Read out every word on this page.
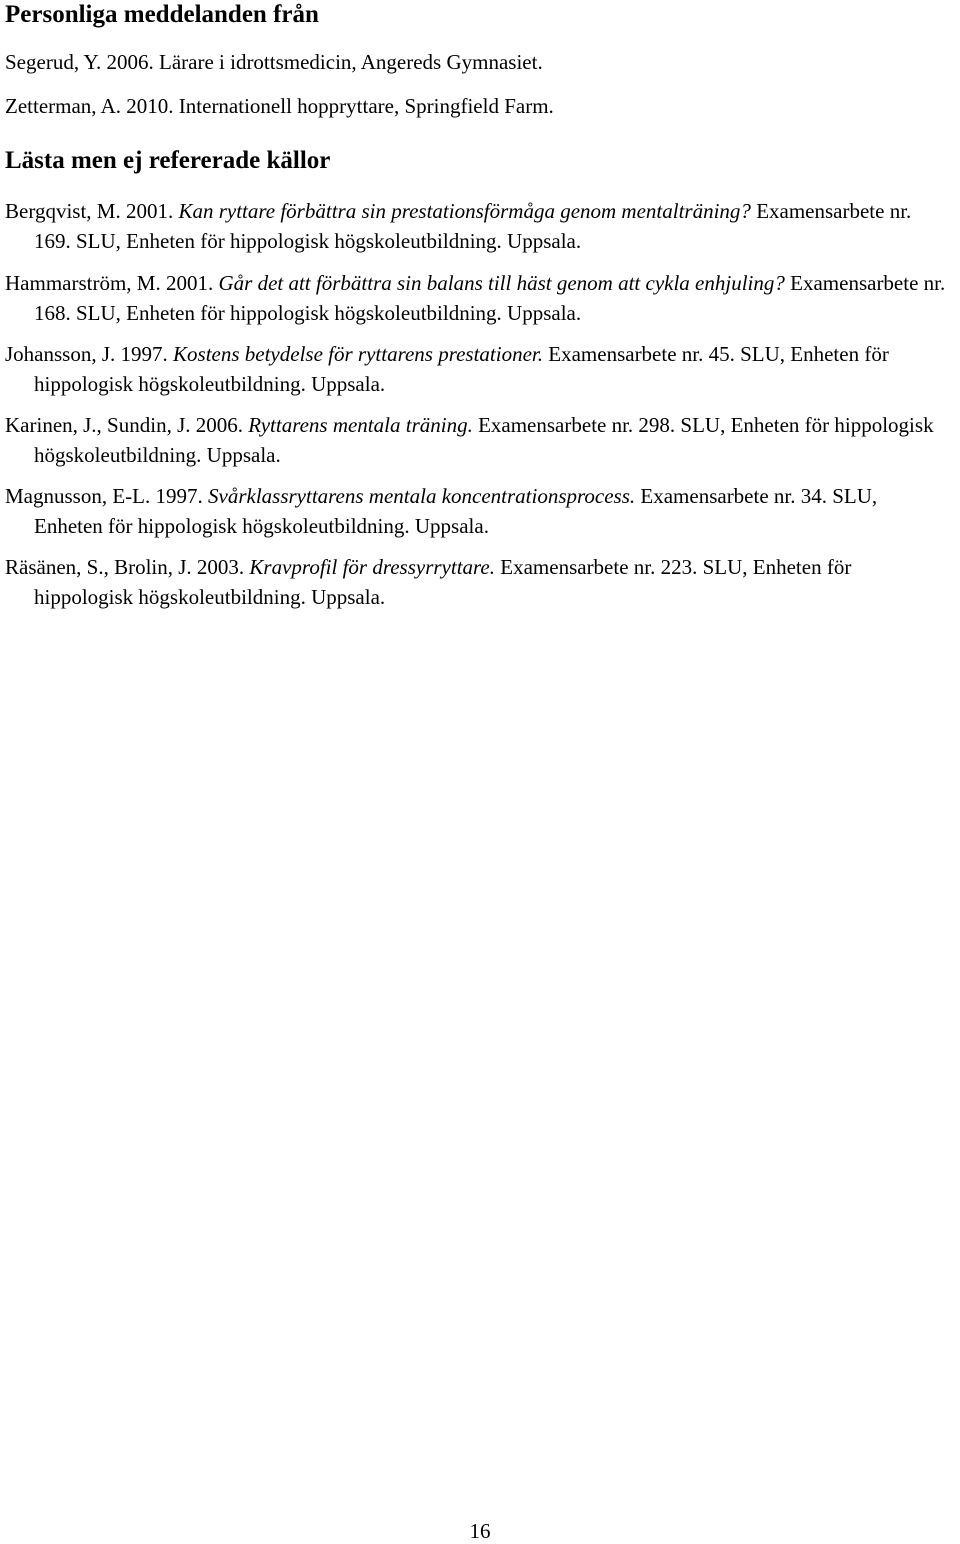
Personliga meddelanden från

Segerud, Y. 2006. Lärare i idrottsmedicin, Angereds Gymnasiet.

Zetterman, A. 2010. Internationell hoppryttare, Springfield Farm.

Lästa men ej refererade källor

Bergqvist, M. 2001. Kan ryttare förbättra sin prestationsförmåga genom mentalträning? Examensarbete nr. 169. SLU, Enheten för hippologisk högskoleutbildning. Uppsala.

Hammarström, M. 2001. Går det att förbättra sin balans till häst genom att cykla enhjuling? Examensarbete nr. 168. SLU, Enheten för hippologisk högskoleutbildning. Uppsala.

Johansson, J. 1997. Kostens betydelse för ryttarens prestationer. Examensarbete nr. 45. SLU, Enheten för hippologisk högskoleutbildning. Uppsala.

Karinen, J., Sundin, J. 2006. Ryttarens mentala träning. Examensarbete nr. 298. SLU, Enheten för hippologisk högskoleutbildning. Uppsala.

Magnusson, E-L. 1997. Svårklassryttarens mentala koncentrationsprocess. Examensarbete nr. 34. SLU, Enheten för hippologisk högskoleutbildning. Uppsala.

Räsänen, S., Brolin, J. 2003. Kravprofil för dressyrryttare. Examensarbete nr. 223. SLU, Enheten för hippologisk högskoleutbildning. Uppsala.

16
